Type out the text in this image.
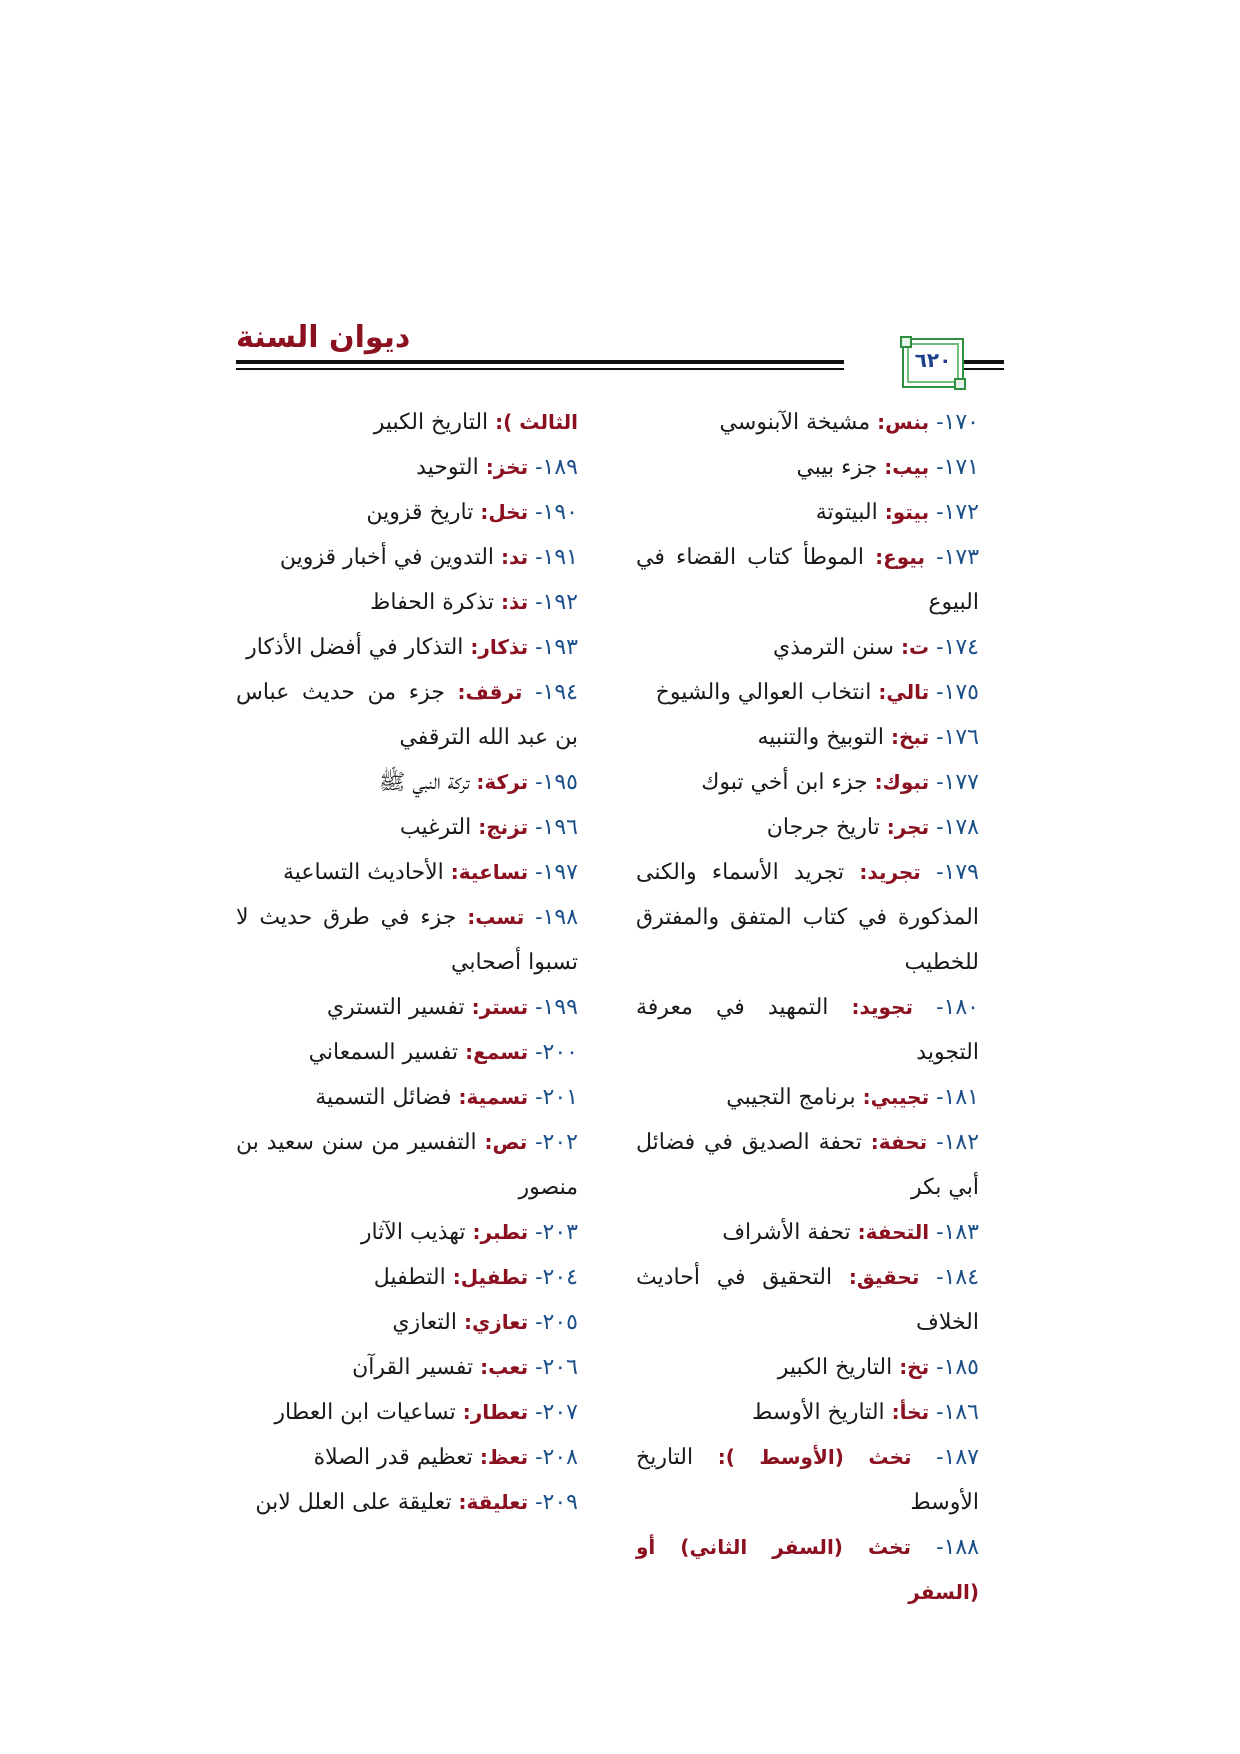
ديوان السنة
٦٢٠

١٧٠- بنس: مشيخة الآبنوسي

١٧١- بيب: جزء بيبي

١٧٢- بيتو: البيتوتة

١٧٣- بيوع: الموطأ كتاب القضاء في البيوع

١٧٤- ت: سنن الترمذي

١٧٥- تالي: انتخاب العوالي والشيوخ

١٧٦- تبخ: التوبيخ والتنبيه

١٧٧- تبوك: جزء ابن أخي تبوك

١٧٨- تجر: تاريخ جرجان

١٧٩- تجريد: تجريد الأسماء والكنى المذكورة في كتاب المتفق والمفترق للخطيب

١٨٠- تجويد: التمهيد في معرفة التجويد

١٨١- تجيبي: برنامج التجيبي

١٨٢- تحفة: تحفة الصديق في فضائل أبي بكر

١٨٣- التحفة: تحفة الأشراف

١٨٤- تحقيق: التحقيق في أحاديث الخلاف

١٨٥- تخ: التاريخ الكبير

١٨٦- تخأ: التاريخ الأوسط

١٨٧- تخث (الأوسط ): التاريخ الأوسط

١٨٨- تخث (السفر الثاني) أو (السفر

الثالث ): التاريخ الكبير

١٨٩- تخز: التوحيد

١٩٠- تخل: تاريخ قزوين

١٩١- تد: التدوين في أخبار قزوين

١٩٢- تذ: تذكرة الحفاظ

١٩٣- تذكار: التذكار في أفضل الأذكار

١٩٤- ترقف: جزء من حديث عباس بن عبد الله الترقفي

١٩٥- تركة: تركة النبي ﷺ

١٩٦- تزنج: الترغيب

١٩٧- تساعية: الأحاديث التساعية

١٩٨- تسب: جزء في طرق حديث لا تسبوا أصحابي

١٩٩- تستر: تفسير التستري

٢٠٠- تسمع: تفسير السمعاني

٢٠١- تسمية: فضائل التسمية

٢٠٢- تص: التفسير من سنن سعيد بن منصور

٢٠٣- تطبر: تهذيب الآثار

٢٠٤- تطفيل: التطفيل

٢٠٥- تعازي: التعازي

٢٠٦- تعب: تفسير القرآن

٢٠٧- تعطار: تساعيات ابن العطار

٢٠٨- تعظ: تعظيم قدر الصلاة

٢٠٩- تعليقة: تعليقة على العلل لابن
